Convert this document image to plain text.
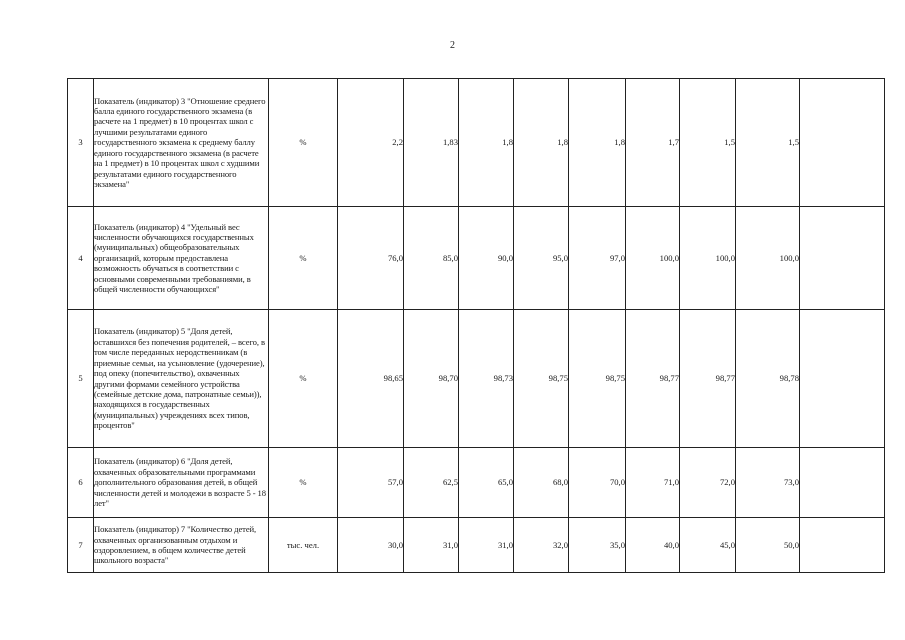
2
3	Показатель (индикатор) 3 "Отношение среднего балла единого государственного экзамена (в расчете на 1 предмет) в 10 процентах школ с лучшими результатами единого государственного экзамена к среднему баллу единого государственного экзамена (в расчете на 1 предмет) в 10 процентах школ с худшими результатами единого государственного экзамена"	%	2,2	1,83	1,8	1,8	1,8	1,7	1,5	1,5	
4	Показатель (индикатор) 4 "Удельный вес численности обучающихся государственных (муниципальных) общеобразовательных организаций, которым предоставлена возможность обучаться в соответствии с основными современными требованиями, в общей численности обучающихся"	%	76,0	85,0	90,0	95,0	97,0	100,0	100,0	100,0	
5	Показатель (индикатор) 5 "Доля детей, оставшихся без попечения родителей, – всего, в том числе переданных неродственникам (в приемные семьи, на усыновление (удочерение), под опеку (попечительство), охваченных другими формами семейного устройства (семейные детские дома, патронатные семьи)), находящихся в государственных (муниципальных) учреждениях всех типов, процентов"	%	98,65	98,70	98,73	98,75	98,75	98,77	98,77	98,78	
6	Показатель (индикатор) 6 "Доля детей, охваченных образовательными программами дополнительного образования детей, в общей численности детей и молодежи в возрасте 5 - 18 лет"	%	57,0	62,5	65,0	68,0	70,0	71,0	72,0	73,0	
7	Показатель (индикатор) 7 "Количество детей, охваченных организованным отдыхом и оздоровлением, в общем количестве детей школьного возраста"	тыс. чел.	30,0	31,0	31,0	32,0	35,0	40,0	45,0	50,0	
